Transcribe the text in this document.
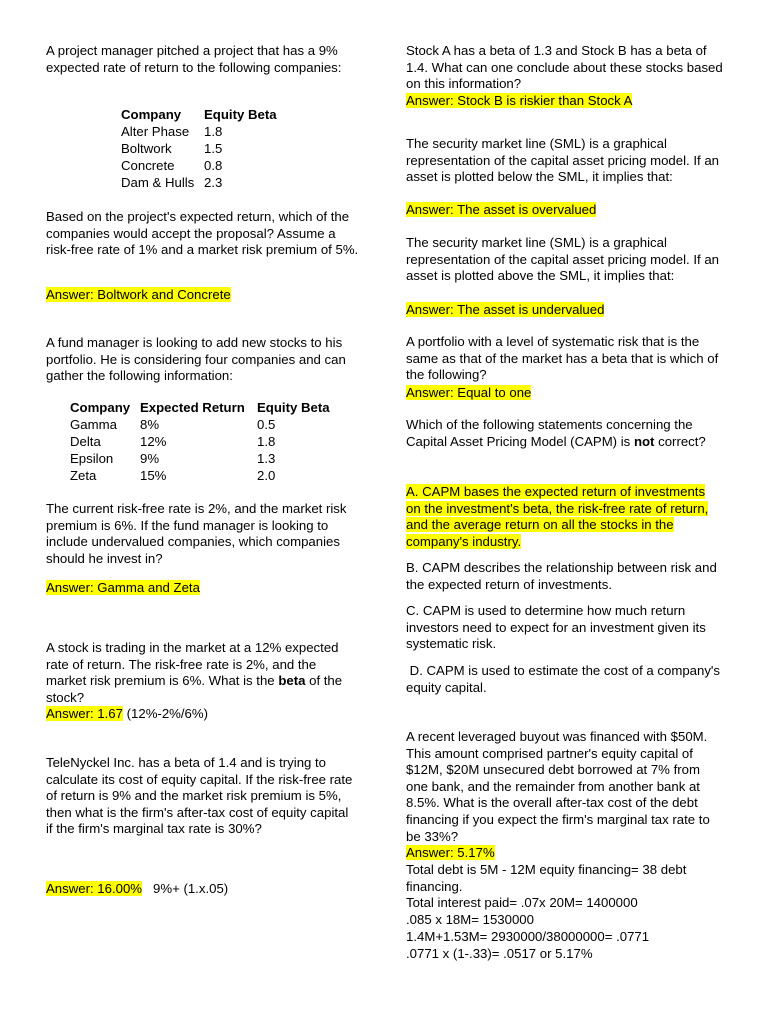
A project manager pitched a project that has a 9% expected rate of return to the following companies:

Company	Equity Beta
Alter Phase	1.8
Boltwork	1.5
Concrete	0.8
Dam & Hulls	2.3

Based on the project's expected return, which of the companies would accept the proposal? Assume a risk-free rate of 1% and a market risk premium of 5%.

Answer: Boltwork and Concrete

A fund manager is looking to add new stocks to his portfolio. He is considering four companies and can gather the following information:

Company	Expected Return	Equity Beta
Gamma	8%	0.5
Delta	12%	1.8
Epsilon	9%	1.3
Zeta	15%	2.0

The current risk-free rate is 2%, and the market risk premium is 6%. If the fund manager is looking to include undervalued companies, which companies should he invest in?

Answer: Gamma and Zeta

A stock is trading in the market at a 12% expected rate of return. The risk-free rate is 2%, and the market risk premium is 6%. What is the beta of the stock?

Answer: 1.67 (12%-2%/6%)

TeleNyckel Inc. has a beta of 1.4 and is trying to calculate its cost of equity capital. If the risk-free rate of return is 9% and the market risk premium is 5%, then what is the firm's after-tax cost of equity capital if the firm's marginal tax rate is 30%?

Answer: 16.00% 9%+ (1.x.05)

Stock A has a beta of 1.3 and Stock B has a beta of 1.4. What can one conclude about these stocks based on this information?

Answer: Stock B is riskier than Stock A

The security market line (SML) is a graphical representation of the capital asset pricing model. If an asset is plotted below the SML, it implies that:

Answer: The asset is overvalued

The security market line (SML) is a graphical representation of the capital asset pricing model. If an asset is plotted above the SML, it implies that:

Answer: The asset is undervalued

A portfolio with a level of systematic risk that is the same as that of the market has a beta that is which of the following?

Answer: Equal to one

Which of the following statements concerning the Capital Asset Pricing Model (CAPM) is not correct?

A. CAPM bases the expected return of investments on the investment's beta, the risk-free rate of return, and the average return on all the stocks in the company's industry.

B. CAPM describes the relationship between risk and the expected return of investments.

C. CAPM is used to determine how much return investors need to expect for an investment given its systematic risk.

D. CAPM is used to estimate the cost of a company's equity capital.

A recent leveraged buyout was financed with $50M. This amount comprised partner's equity capital of $12M, $20M unsecured debt borrowed at 7% from one bank, and the remainder from another bank at 8.5%. What is the overall after-tax cost of the debt financing if you expect the firm's marginal tax rate to be 33%?

Answer: 5.17%

Total debt is 5M - 12M equity financing= 38 debt financing.

Total interest paid= .07x 20M= 1400000

.085 x 18M= 1530000

1.4M+1.53M= 2930000/38000000= .0771

.0771 x (1-.33)= .0517 or 5.17%
